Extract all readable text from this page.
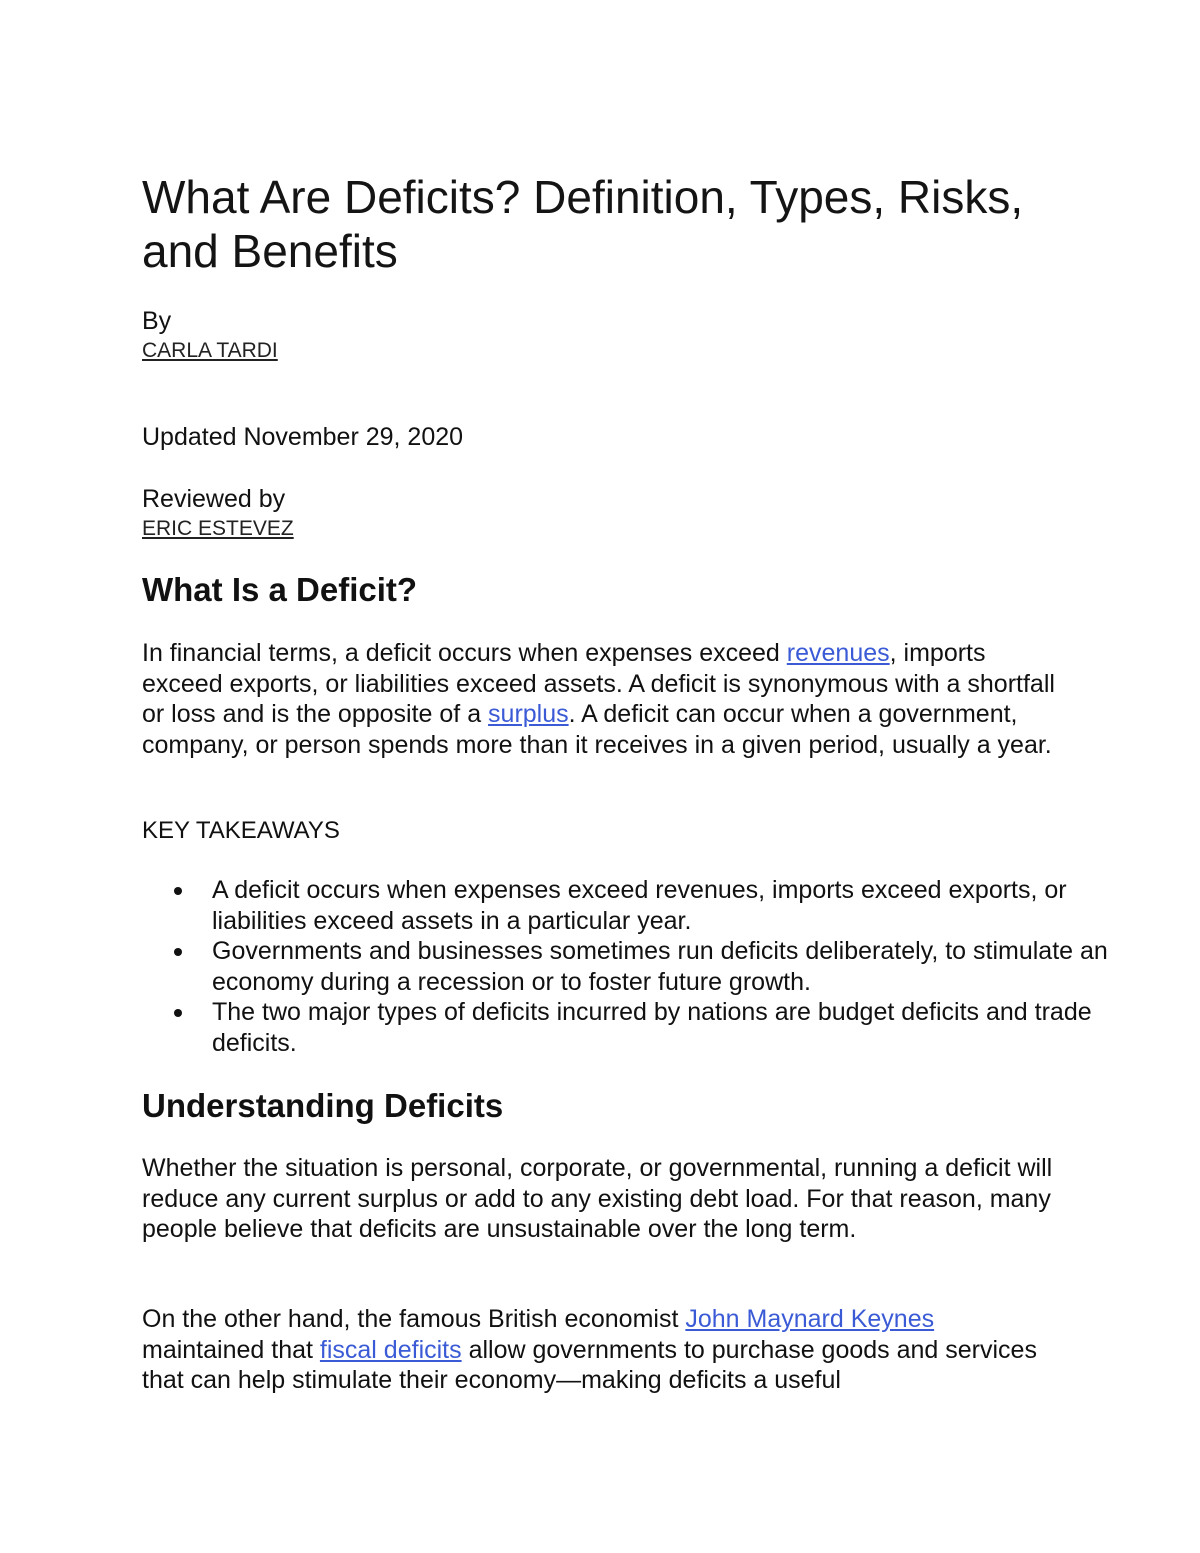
What Are Deficits? Definition, Types, Risks, and Benefits
By
CARLA TARDI
Updated November 29, 2020
Reviewed by
ERIC ESTEVEZ
What Is a Deficit?

In financial terms, a deficit occurs when expenses exceed revenues, imports exceed exports, or liabilities exceed assets. A deficit is synonymous with a shortfall or loss and is the opposite of a surplus. A deficit can occur when a government, company, or person spends more than it receives in a given period, usually a year.

KEY TAKEAWAYS
A deficit occurs when expenses exceed revenues, imports exceed exports, or liabilities exceed assets in a particular year.
Governments and businesses sometimes run deficits deliberately, to stimulate an economy during a recession or to foster future growth.
The two major types of deficits incurred by nations are budget deficits and trade deficits.
Understanding Deficits

Whether the situation is personal, corporate, or governmental, running a deficit will reduce any current surplus or add to any existing debt load. For that reason, many people believe that deficits are unsustainable over the long term.

On the other hand, the famous British economist John Maynard Keynes maintained that fiscal deficits allow governments to purchase goods and services that can help stimulate their economy—making deficits a useful
